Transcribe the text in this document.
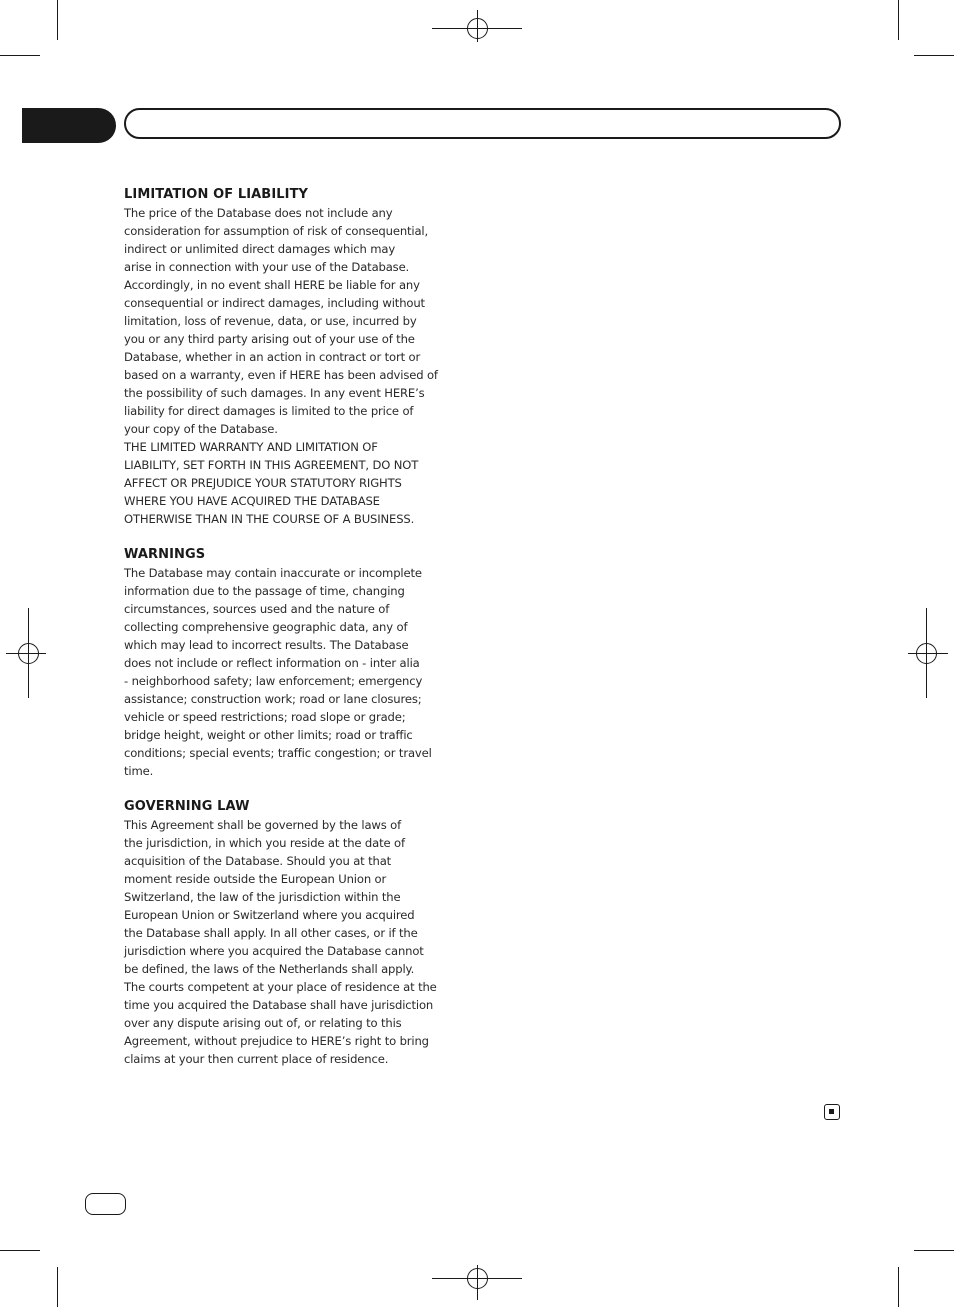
LIMITATION OF LIABILITY

The price of the Database does not include any
consideration for assumption of risk of consequential,
indirect or unlimited direct damages which may
arise in connection with your use of the Database.
Accordingly, in no event shall HERE be liable for any
consequential or indirect damages, including without
limitation, loss of revenue, data, or use, incurred by
you or any third party arising out of your use of the
Database, whether in an action in contract or tort or
based on a warranty, even if HERE has been advised of
the possibility of such damages. In any event HERE’s
liability for direct damages is limited to the price of
your copy of the Database.
THE LIMITED WARRANTY AND LIMITATION OF
LIABILITY, SET FORTH IN THIS AGREEMENT, DO NOT
AFFECT OR PREJUDICE YOUR STATUTORY RIGHTS
WHERE YOU HAVE ACQUIRED THE DATABASE
OTHERWISE THAN IN THE COURSE OF A BUSINESS.

WARNINGS

The Database may contain inaccurate or incomplete
information due to the passage of time, changing
circumstances, sources used and the nature of
collecting comprehensive geographic data, any of
which may lead to incorrect results. The Database
does not include or reflect information on - inter alia
- neighborhood safety; law enforcement; emergency
assistance; construction work; road or lane closures;
vehicle or speed restrictions; road slope or grade;
bridge height, weight or other limits; road or traffic
conditions; special events; traffic congestion; or travel
time.

GOVERNING LAW

This Agreement shall be governed by the laws of
the jurisdiction, in which you reside at the date of
acquisition of the Database. Should you at that
moment reside outside the European Union or
Switzerland, the law of the jurisdiction within the
European Union or Switzerland where you acquired
the Database shall apply. In all other cases, or if the
jurisdiction where you acquired the Database cannot
be defined, the laws of the Netherlands shall apply.
The courts competent at your place of residence at the
time you acquired the Database shall have jurisdiction
over any dispute arising out of, or relating to this
Agreement, without prejudice to HERE’s right to bring
claims at your then current place of residence.
